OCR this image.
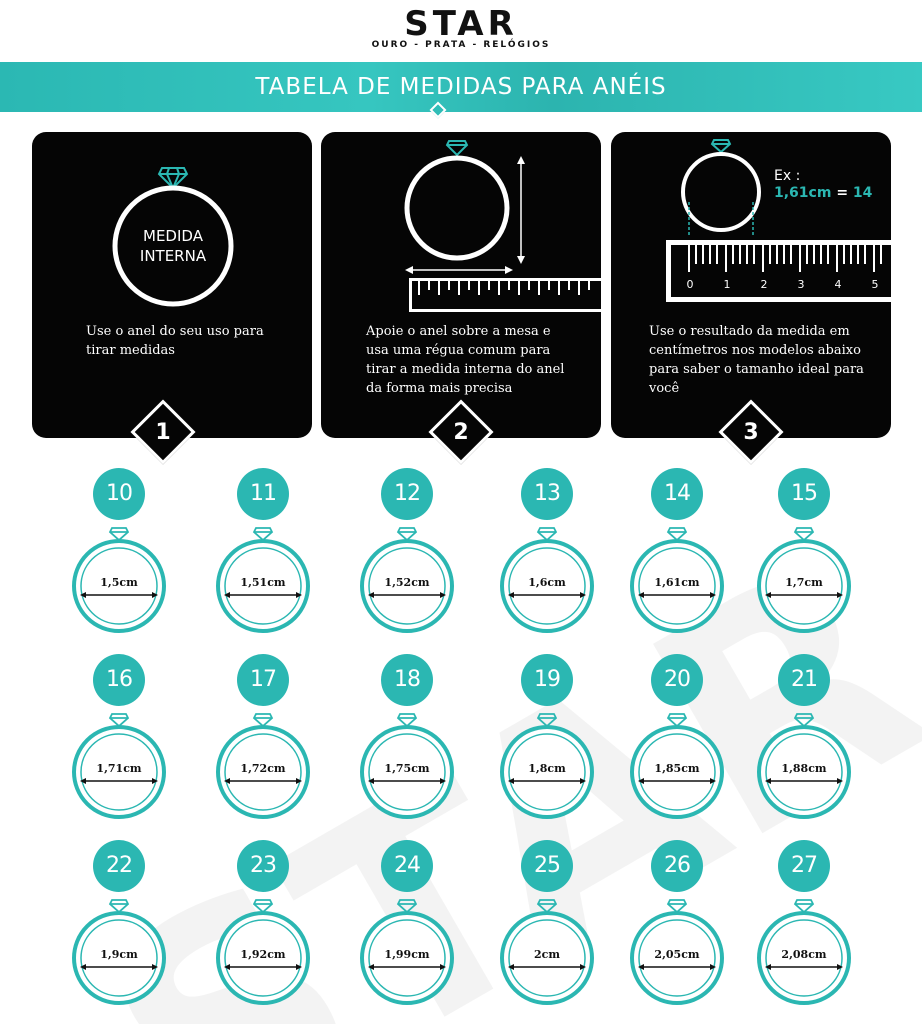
STAR
OURO - PRATA - RELÓGIOS
TABELA DE MEDIDAS PARA ANÉIS
MEDIDA INTERNA
Use o anel do seu uso para tirar medidas
1
Apoie o anel sobre a mesa e usa uma régua comum para tirar a medida interna do anel da forma mais precisa
2
0	1	2	3	4	5
Ex :
1,61cm = 14
Use o resultado da medida em centímetros nos modelos abaixo para saber o tamanho ideal para você
3
10
1,5cm
11
1,51cm
12
1,52cm
13
1,6cm
14
1,61cm
15
1,7cm
16
1,71cm
17
1,72cm
18
1,75cm
19
1,8cm
20
1,85cm
21
1,88cm
22
1,9cm
23
1,92cm
24
1,99cm
25
2cm
26
2,05cm
27
2,08cm
